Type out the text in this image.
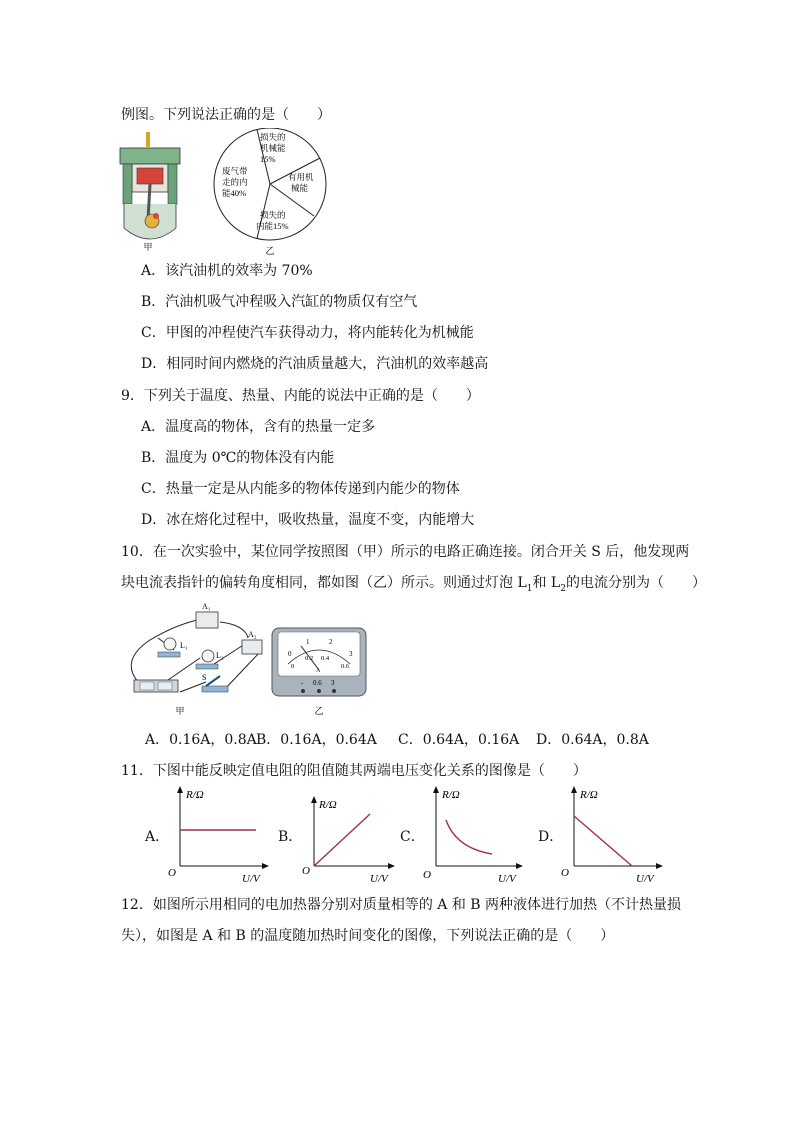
例图。下列说法正确的是（　　）
甲
损失的
机械能
15%
废气带
走的内
能40%
有用机
械能
损失的
内能15%
乙
A．该汽油机的效率为 70%
B．汽油机吸气冲程吸入汽缸的物质仅有空气
C．甲图的冲程使汽车获得动力，将内能转化为机械能
D．相同时间内燃烧的汽油质量越大，汽油机的效率越高
9．下列关于温度、热量、内能的说法中正确的是（　　）
A．温度高的物体，含有的热量一定多
B．温度为 0℃的物体没有内能
C．热量一定是从内能多的物体传递到内能少的物体
D．冰在熔化过程中，吸收热量，温度不变，内能增大
10．在一次实验中，某位同学按照图（甲）所示的电路正确连接。闭合开关 S 后，他发现两
块电流表指针的偏转角度相同，都如图（乙）所示。则通过灯泡 $L_1$和 $L_2$的电流分别为（　　）
A₁
A₂
L₁
L₂
S
甲
0
1	2
3
0
0.2 0.4
0.6
A
- 0.6 3
乙
A．0.16A，0.8A B．0.16A，0.64A C．0.64A，0.16A D．0.64A，0.8A
11．下图中能反映定值电阻的阻值随其两端电压变化关系的图像是（　　）
A．
R/Ω
U/V
O
B．
R/Ω
U/V
O
C．
R/Ω
U/V
O
D．
R/Ω
U/V
O
12．如图所示用相同的电加热器分别对质量相等的 A 和 B 两种液体进行加热（不计热量损
失），如图是 A 和 B 的温度随加热时间变化的图像，下列说法正确的是（　　）
